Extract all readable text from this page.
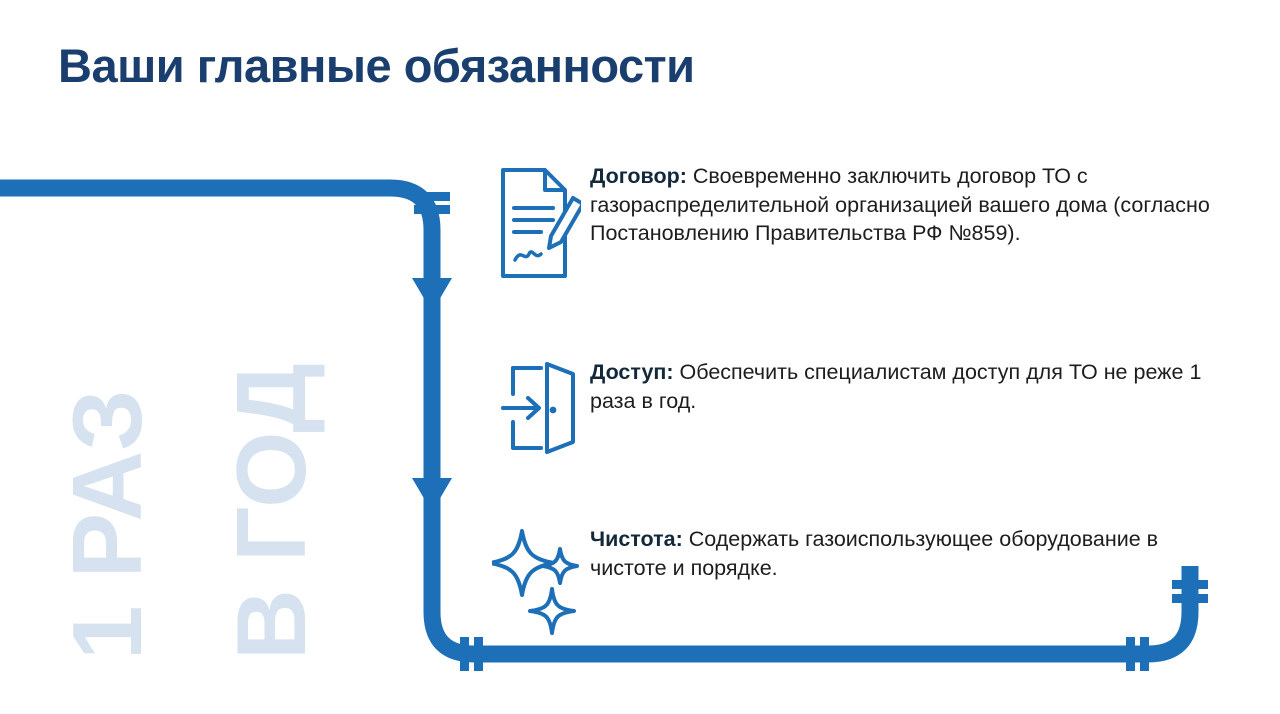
Ваши главные обязанности
1 РАЗ В ГОД
Договор: Своевременно заключить договор ТО с газораспределительной организацией вашего дома (согласно Постановлению Правительства РФ №859).
Доступ: Обеспечить специалистам доступ для ТО не реже 1 раза в год.
Чистота: Содержать газоиспользующее оборудование в чистоте и порядке.
